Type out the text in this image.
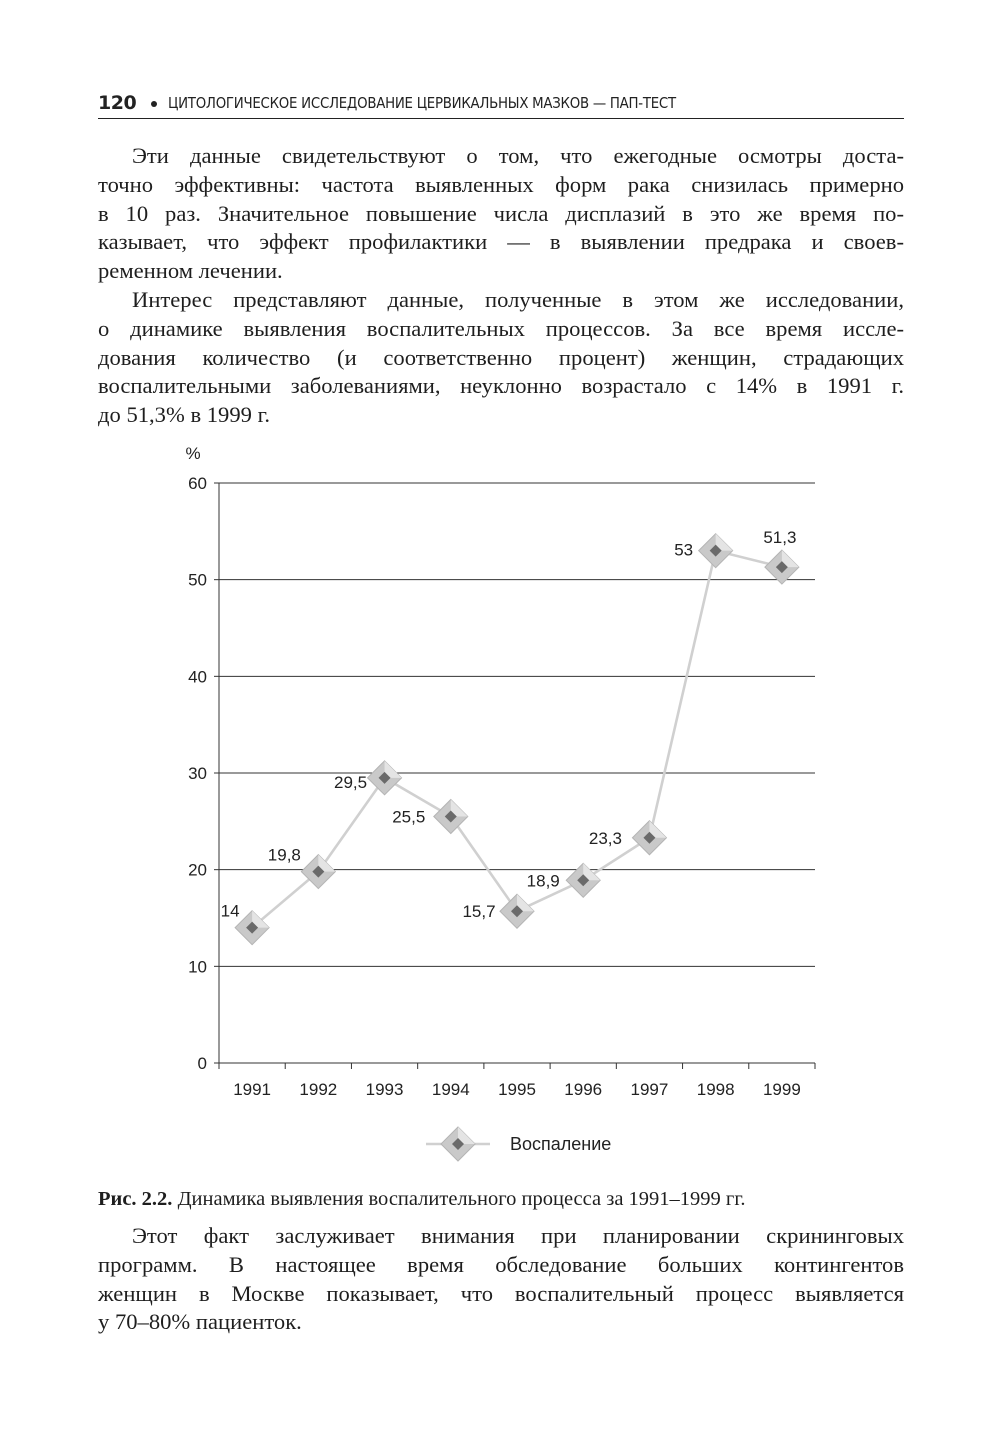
120 ЦИТОЛОГИЧЕСКОЕ ИССЛЕДОВАНИЕ ЦЕРВИКАЛЬНЫХ МАЗКОВ — ПАП-ТЕСТ

Эти данные свидетельствуют о том, что ежегодные осмотры доста-
точно эффективны: частота выявленных форм рака снизилась примерно
в 10 раз. Значительное повышение числа дисплазий в это же время по-
казывает, что эффект профилактики — в выявлении предрака и своев-
ременном лечении.

Интерес представляют данные, полученные в этом же исследовании,
о динамике выявления воспалительных процессов. За все время иссле-
дования количество (и соответственно процент) женщин, страдающих
воспалительными заболеваниями, неуклонно возрастало с 14% в 1991 г.
до 51,3% в 1999 г.

0
10
20
30
40
50
60
%
1991 1992 1993 1994 1995 1996 1997 1998 1999
14
19,8
29,5
25,5
15,7
18,9
23,3
53
51,3
Воспаление
Рис. 2.2. Динамика выявления воспалительного процесса за 1991–1999 гг.

Этот факт заслуживает внимания при планировании скрининговых
программ. В настоящее время обследование больших контингентов
женщин в Москве показывает, что воспалительный процесс выявляется
у 70–80% пациенток.
